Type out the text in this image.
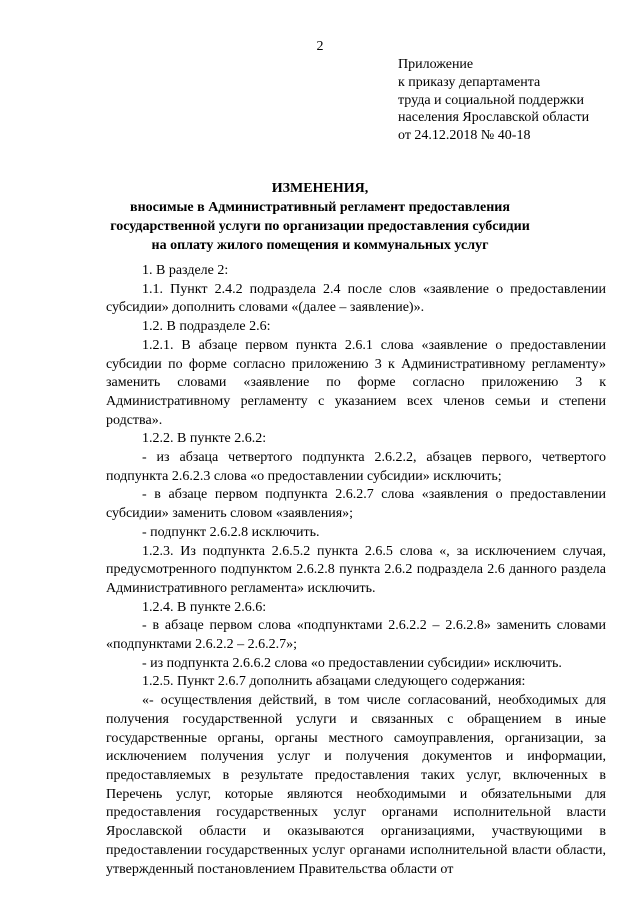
2
Приложение
к приказу департамента
труда и социальной поддержки
населения Ярославской области
от 24.12.2018 № 40-18
ИЗМЕНЕНИЯ,
вносимые в Административный регламент предоставления
государственной услуги по организации предоставления субсидии
на оплату жилого помещения и коммунальных услуг

1. В разделе 2:

1.1. Пункт 2.4.2 подраздела 2.4 после слов «заявление о предоставлении субсидии» дополнить словами «(далее – заявление)».

1.2. В подразделе 2.6:

1.2.1. В абзаце первом пункта 2.6.1 слова «заявление о предоставлении субсидии по форме согласно приложению 3 к Административному регламенту» заменить словами «заявление по форме согласно приложению 3 к Административному регламенту с указанием всех членов семьи и степени родства».

1.2.2. В пункте 2.6.2:

- из абзаца четвертого подпункта 2.6.2.2, абзацев первого, четвертого подпункта 2.6.2.3 слова «о предоставлении субсидии» исключить;

- в абзаце первом подпункта 2.6.2.7 слова «заявления о предоставлении субсидии» заменить словом «заявления»;

- подпункт 2.6.2.8 исключить.

1.2.3. Из подпункта 2.6.5.2 пункта 2.6.5 слова «, за исключением случая, предусмотренного подпунктом 2.6.2.8 пункта 2.6.2 подраздела 2.6 данного раздела Административного регламента» исключить.

1.2.4. В пункте 2.6.6:

- в абзаце первом слова «подпунктами 2.6.2.2 – 2.6.2.8» заменить словами «подпунктами 2.6.2.2 – 2.6.2.7»;

- из подпункта 2.6.6.2 слова «о предоставлении субсидии» исключить.

1.2.5. Пункт 2.6.7 дополнить абзацами следующего содержания:

«- осуществления действий, в том числе согласований, необходимых для получения государственной услуги и связанных с обращением в иные государственные органы, органы местного самоуправления, организации, за исключением получения услуг и получения документов и информации, предоставляемых в результате предоставления таких услуг, включенных в Перечень услуг, которые являются необходимыми и обязательными для предоставления государственных услуг органами исполнительной власти Ярославской области и оказываются организациями, участвующими в предоставлении государственных услуг органами исполнительной власти области, утвержденный постановлением Правительства области от
